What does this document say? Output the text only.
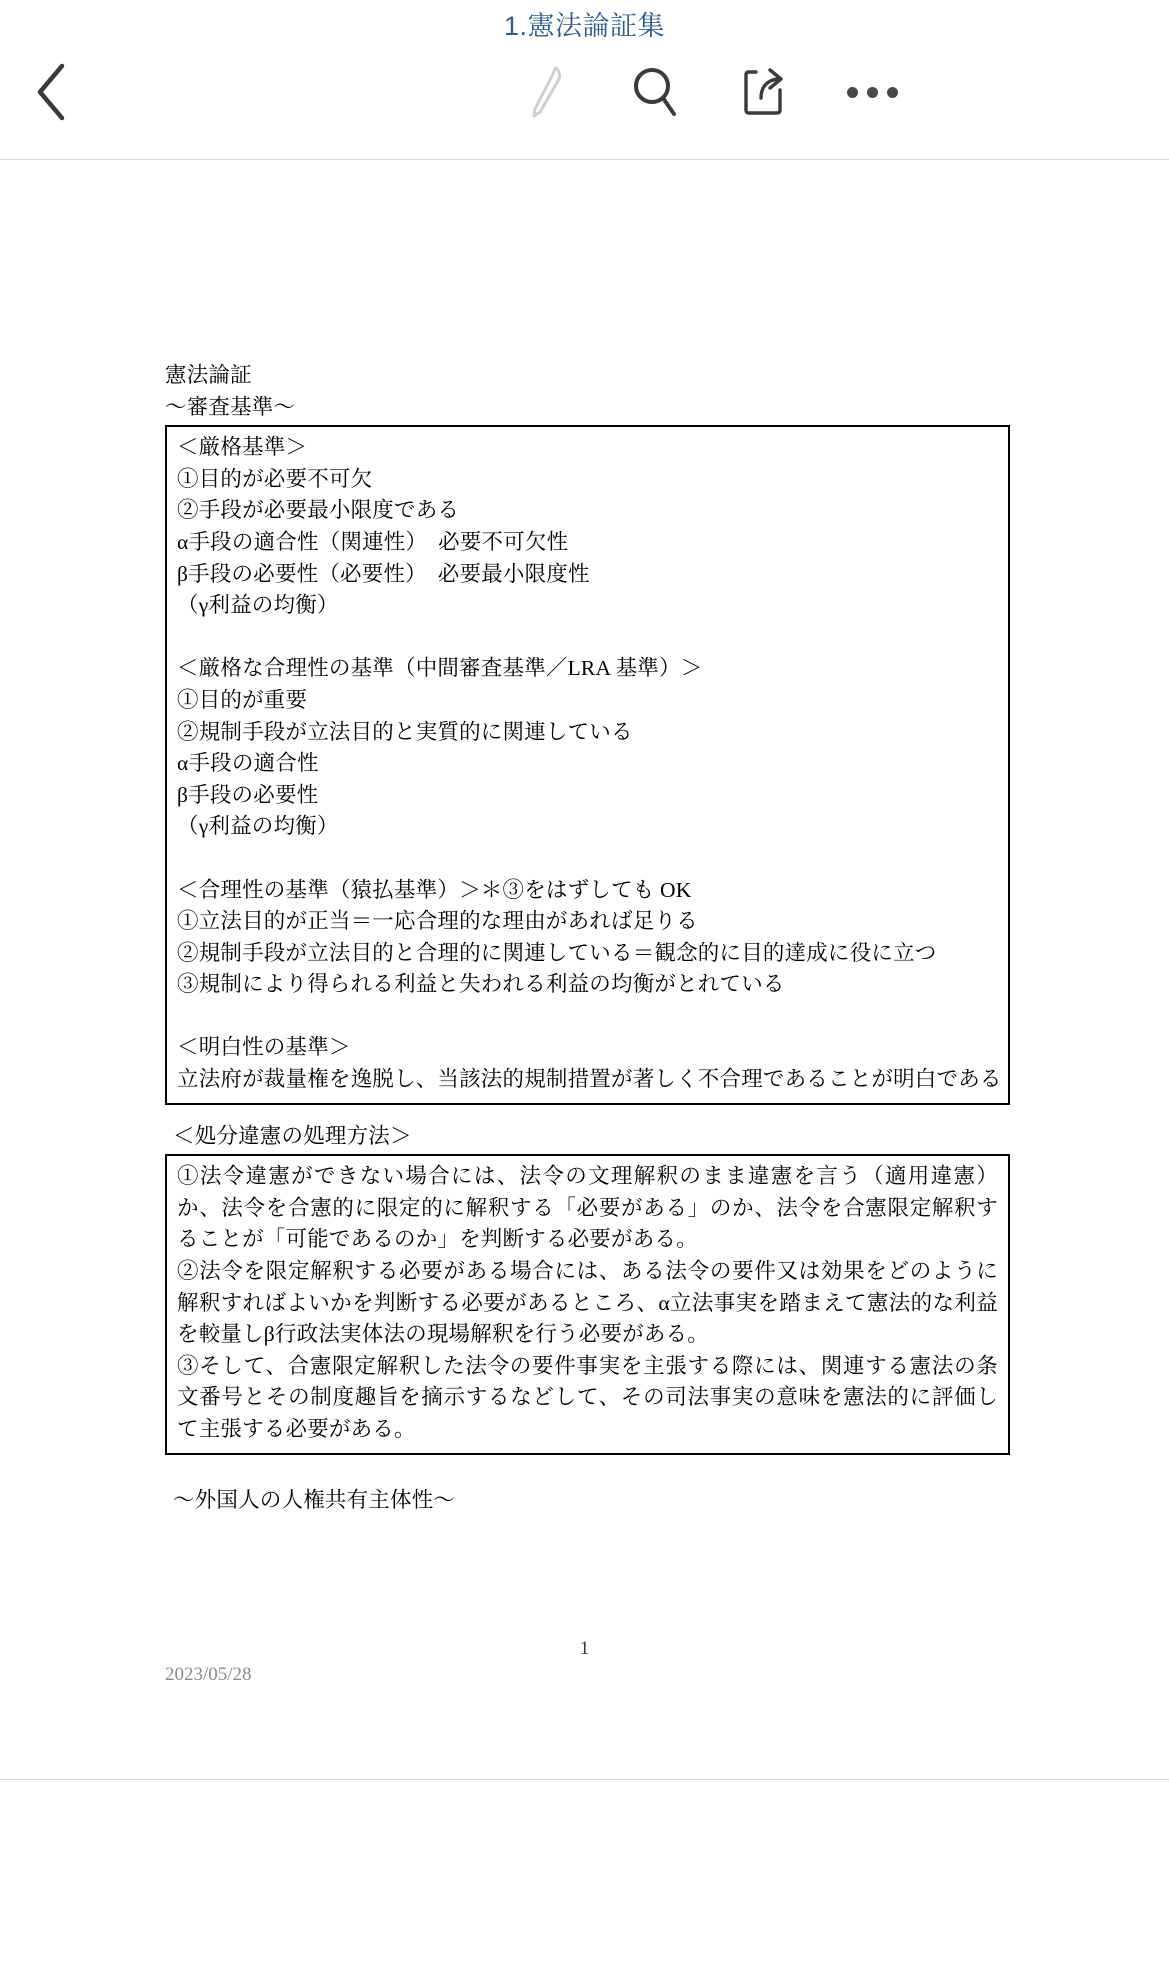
1.憲法論証集
憲法論証
〜審査基準〜
＜厳格基準＞
①目的が必要不可欠
②手段が必要最小限度である
α手段の適合性（関連性）　必要不可欠性
β手段の必要性（必要性）　必要最小限度性
（γ利益の均衡）
＜厳格な合理性の基準（中間審査基準／LRA 基準）＞
①目的が重要
②規制手段が立法目的と実質的に関連している
α手段の適合性
β手段の必要性
（γ利益の均衡）
＜合理性の基準（猿払基準）＞＊③をはずしても OK
①立法目的が正当＝一応合理的な理由があれば足りる
②規制手段が立法目的と合理的に関連している＝観念的に目的達成に役に立つ
③規制により得られる利益と失われる利益の均衡がとれている
＜明白性の基準＞
立法府が裁量権を逸脱し、当該法的規制措置が著しく不合理であることが明白である
＜処分違憲の処理方法＞
①法令違憲ができない場合には、法令の文理解釈のまま違憲を言う（適用違憲）か、法令を合憲的に限定的に解釈する「必要がある」のか、法令を合憲限定解釈することが「可能であるのか」を判断する必要がある。
②法令を限定解釈する必要がある場合には、ある法令の要件又は効果をどのように解釈すればよいかを判断する必要があるところ、α立法事実を踏まえて憲法的な利益を較量しβ行政法実体法の現場解釈を行う必要がある。
③そして、合憲限定解釈した法令の要件事実を主張する際には、関連する憲法の条文番号とその制度趣旨を摘示するなどして、その司法事実の意味を憲法的に評価して主張する必要がある。
〜外国人の人権共有主体性〜
1
2023/05/28
